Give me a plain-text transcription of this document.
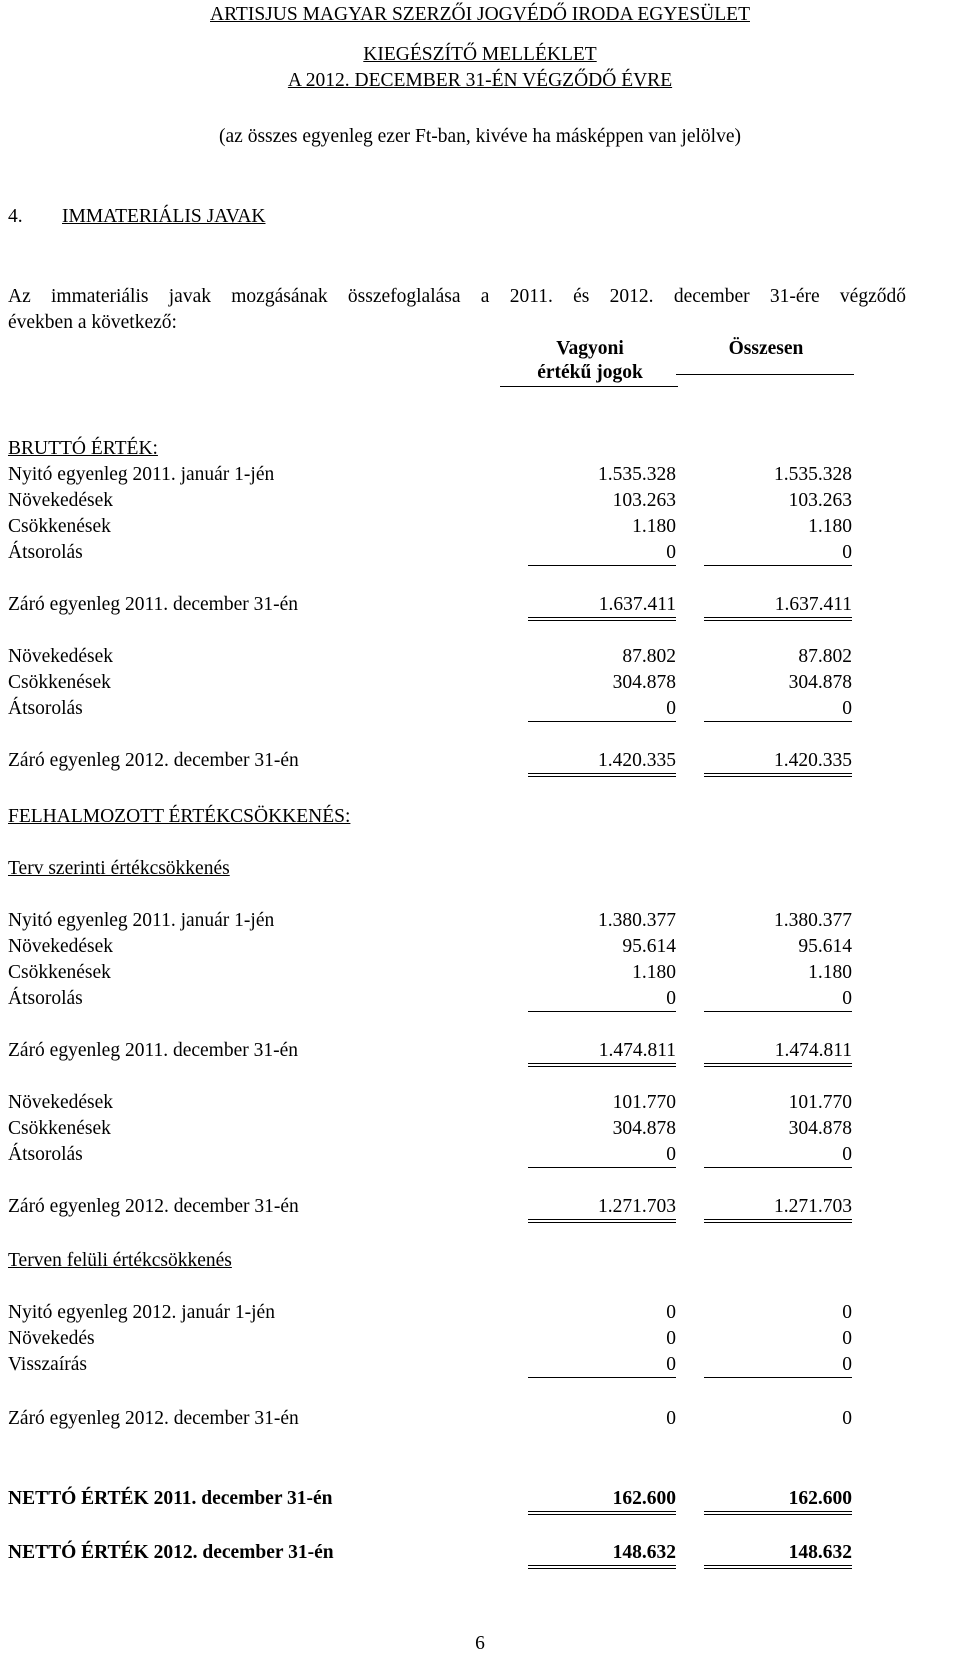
ARTISJUS MAGYAR SZERZŐI JOGVÉDŐ IRODA EGYESÜLET
KIEGÉSZÍTŐ MELLÉKLET
A 2012. DECEMBER 31-ÉN VÉGZŐDŐ ÉVRE
(az összes egyenleg ezer Ft-ban, kivéve ha másképpen van jelölve)
4. IMMATERIÁLIS JAVAK
Az immateriális javak mozgásának összefoglalása a 2011. és 2012. december 31-ére végződő
években a következő:
Vagyoni
értékű jogok
Összesen
BRUTTÓ ÉRTÉK:
Nyitó egyenleg 2011. január 1-jén	1.535.328	1.535.328
Növekedések	103.263	103.263
Csökkenések	1.180	1.180
Átsorolás	0	0
Záró egyenleg 2011. december 31-én	1.637.411	1.637.411
Növekedések	87.802	87.802
Csökkenések	304.878	304.878
Átsorolás	0	0
Záró egyenleg 2012. december 31-én	1.420.335	1.420.335
FELHALMOZOTT ÉRTÉKCSÖKKENÉS:
Terv szerinti értékcsökkenés
Nyitó egyenleg 2011. január 1-jén	1.380.377	1.380.377
Növekedések	95.614	95.614
Csökkenések	1.180	1.180
Átsorolás	0	0
Záró egyenleg 2011. december 31-én	1.474.811	1.474.811
Növekedések	101.770	101.770
Csökkenések	304.878	304.878
Átsorolás	0	0
Záró egyenleg 2012. december 31-én	1.271.703	1.271.703
Terven felüli értékcsökkenés
Nyitó egyenleg 2012. január 1-jén	0	0
Növekedés	0	0
Visszaírás	0	0
Záró egyenleg 2012. december 31-én	0	0
NETTÓ ÉRTÉK 2011. december 31-én	162.600	162.600
NETTÓ ÉRTÉK 2012. december 31-én	148.632	148.632
6
